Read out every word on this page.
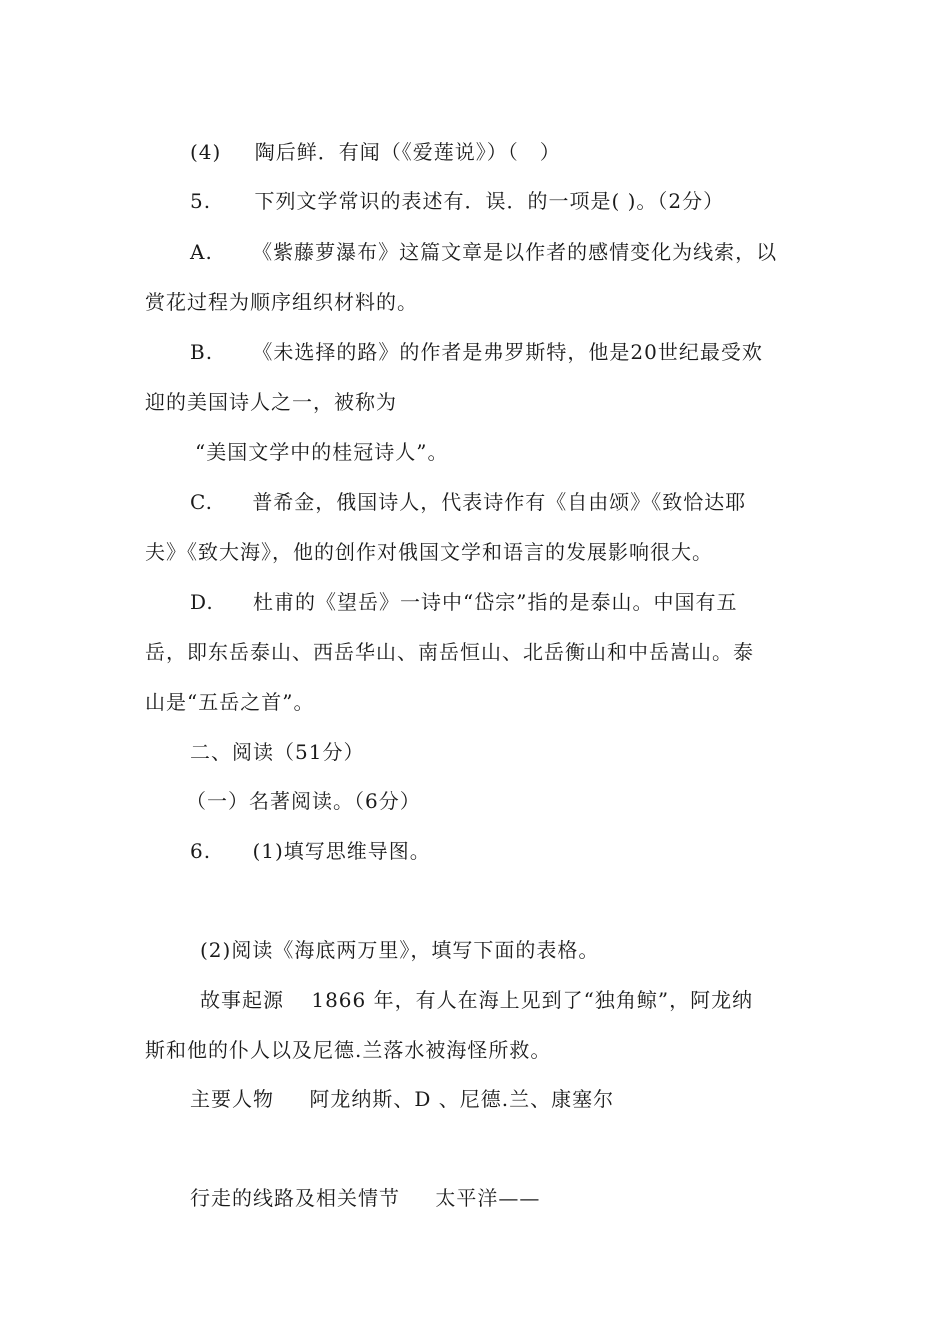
(4) 陶后鲜．有闻（《爱莲说》）（　）
5. 下列文学常识的表述有．误．的一项是( )。（2分）
A. 《紫藤萝瀑布》这篇文章是以作者的感情变化为线索，以
赏花过程为顺序组织材料的。
B. 《未选择的路》的作者是弗罗斯特，他是20世纪最受欢
迎的美国诗人之一，被称为
“美国文学中的桂冠诗人”。
C. 普希金，俄国诗人，代表诗作有《自由颂》《致恰达耶
夫》《致大海》，他的创作对俄国文学和语言的发展影响很大。
D. 杜甫的《望岳》一诗中“岱宗”指的是泰山。中国有五
岳，即东岳泰山、西岳华山、南岳恒山、北岳衡山和中岳嵩山。泰
山是“五岳之首”。
二、阅读（51分）
（一）名著阅读。（6分）
6. (1)填写思维导图。
(2)阅读《海底两万里》，填写下面的表格。
故事起源 1866 年，有人在海上见到了“独角鲸”，阿龙纳
斯和他的仆人以及尼德.兰落水被海怪所救。
主要人物 阿龙纳斯、D 、尼德.兰、康塞尔
行走的线路及相关情节 太平洋——
